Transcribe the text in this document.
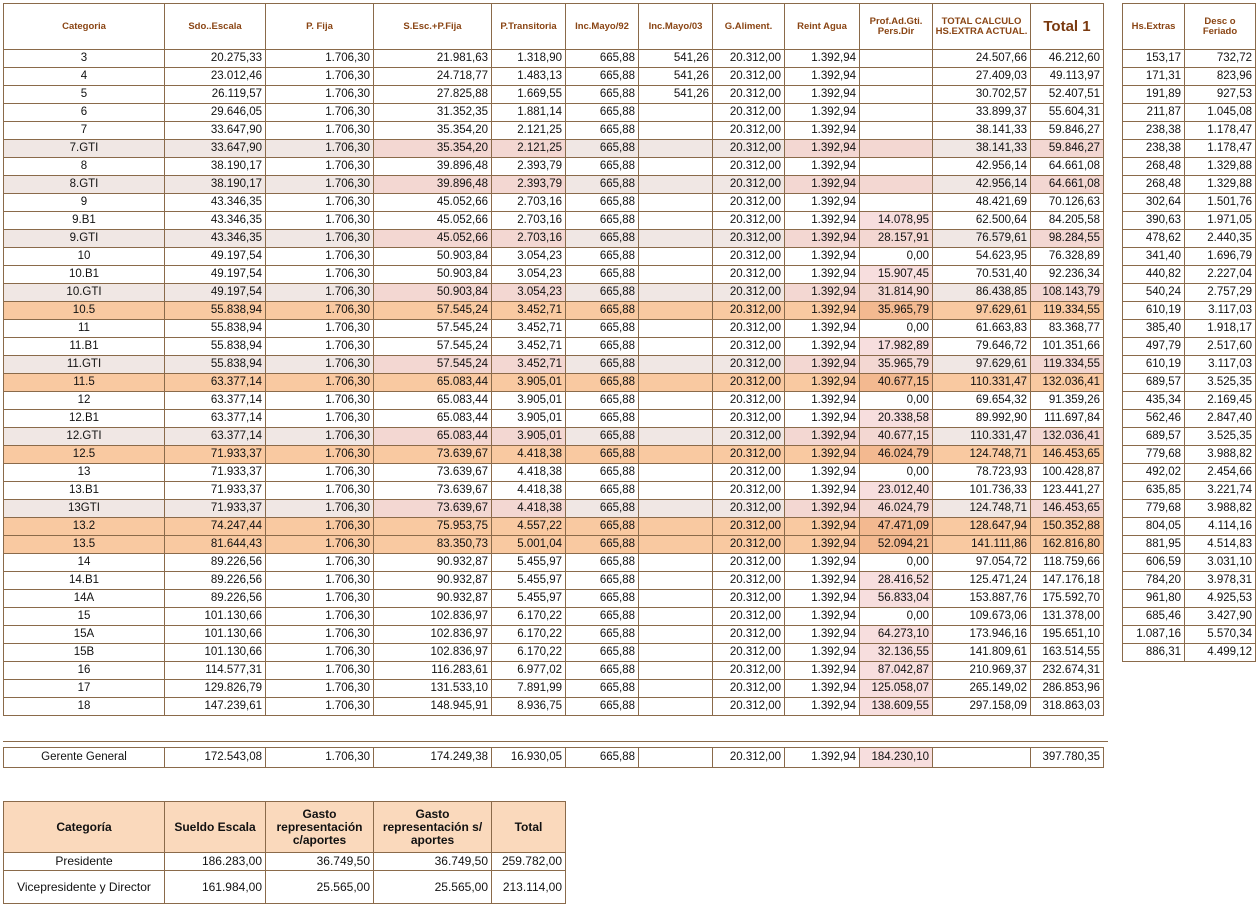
Categoria	Sdo..Escala	P. Fija	S.Esc.+P.Fija	P.Transitoria	Inc.Mayo/92	Inc.Mayo/03	G.Aliment.	Reint Agua	Prof.Ad.Gti. Pers.Dir	TOTAL CALCULO HS.EXTRA ACTUAL.	Total 1
3	20.275,33	1.706,30	21.981,63	1.318,90	665,88	541,26	20.312,00	1.392,94		24.507,66	46.212,60
4	23.012,46	1.706,30	24.718,77	1.483,13	665,88	541,26	20.312,00	1.392,94		27.409,03	49.113,97
5	26.119,57	1.706,30	27.825,88	1.669,55	665,88	541,26	20.312,00	1.392,94		30.702,57	52.407,51
6	29.646,05	1.706,30	31.352,35	1.881,14	665,88		20.312,00	1.392,94		33.899,37	55.604,31
7	33.647,90	1.706,30	35.354,20	2.121,25	665,88		20.312,00	1.392,94		38.141,33	59.846,27
7.GTI	33.647,90	1.706,30	35.354,20	2.121,25	665,88		20.312,00	1.392,94		38.141,33	59.846,27
8	38.190,17	1.706,30	39.896,48	2.393,79	665,88		20.312,00	1.392,94		42.956,14	64.661,08
8.GTI	38.190,17	1.706,30	39.896,48	2.393,79	665,88		20.312,00	1.392,94		42.956,14	64.661,08
9	43.346,35	1.706,30	45.052,66	2.703,16	665,88		20.312,00	1.392,94		48.421,69	70.126,63
9.B1	43.346,35	1.706,30	45.052,66	2.703,16	665,88		20.312,00	1.392,94	14.078,95	62.500,64	84.205,58
9.GTI	43.346,35	1.706,30	45.052,66	2.703,16	665,88		20.312,00	1.392,94	28.157,91	76.579,61	98.284,55
10	49.197,54	1.706,30	50.903,84	3.054,23	665,88		20.312,00	1.392,94	0,00	54.623,95	76.328,89
10.B1	49.197,54	1.706,30	50.903,84	3.054,23	665,88		20.312,00	1.392,94	15.907,45	70.531,40	92.236,34
10.GTI	49.197,54	1.706,30	50.903,84	3.054,23	665,88		20.312,00	1.392,94	31.814,90	86.438,85	108.143,79
10.5	55.838,94	1.706,30	57.545,24	3.452,71	665,88		20.312,00	1.392,94	35.965,79	97.629,61	119.334,55
11	55.838,94	1.706,30	57.545,24	3.452,71	665,88		20.312,00	1.392,94	0,00	61.663,83	83.368,77
11.B1	55.838,94	1.706,30	57.545,24	3.452,71	665,88		20.312,00	1.392,94	17.982,89	79.646,72	101.351,66
11.GTI	55.838,94	1.706,30	57.545,24	3.452,71	665,88		20.312,00	1.392,94	35.965,79	97.629,61	119.334,55
11.5	63.377,14	1.706,30	65.083,44	3.905,01	665,88		20.312,00	1.392,94	40.677,15	110.331,47	132.036,41
12	63.377,14	1.706,30	65.083,44	3.905,01	665,88		20.312,00	1.392,94	0,00	69.654,32	91.359,26
12.B1	63.377,14	1.706,30	65.083,44	3.905,01	665,88		20.312,00	1.392,94	20.338,58	89.992,90	111.697,84
12.GTI	63.377,14	1.706,30	65.083,44	3.905,01	665,88		20.312,00	1.392,94	40.677,15	110.331,47	132.036,41
12.5	71.933,37	1.706,30	73.639,67	4.418,38	665,88		20.312,00	1.392,94	46.024,79	124.748,71	146.453,65
13	71.933,37	1.706,30	73.639,67	4.418,38	665,88		20.312,00	1.392,94	0,00	78.723,93	100.428,87
13.B1	71.933,37	1.706,30	73.639,67	4.418,38	665,88		20.312,00	1.392,94	23.012,40	101.736,33	123.441,27
13GTI	71.933,37	1.706,30	73.639,67	4.418,38	665,88		20.312,00	1.392,94	46.024,79	124.748,71	146.453,65
13.2	74.247,44	1.706,30	75.953,75	4.557,22	665,88		20.312,00	1.392,94	47.471,09	128.647,94	150.352,88
13.5	81.644,43	1.706,30	83.350,73	5.001,04	665,88		20.312,00	1.392,94	52.094,21	141.111,86	162.816,80
14	89.226,56	1.706,30	90.932,87	5.455,97	665,88		20.312,00	1.392,94	0,00	97.054,72	118.759,66
14.B1	89.226,56	1.706,30	90.932,87	5.455,97	665,88		20.312,00	1.392,94	28.416,52	125.471,24	147.176,18
14A	89.226,56	1.706,30	90.932,87	5.455,97	665,88		20.312,00	1.392,94	56.833,04	153.887,76	175.592,70
15	101.130,66	1.706,30	102.836,97	6.170,22	665,88		20.312,00	1.392,94	0,00	109.673,06	131.378,00
15A	101.130,66	1.706,30	102.836,97	6.170,22	665,88		20.312,00	1.392,94	64.273,10	173.946,16	195.651,10
15B	101.130,66	1.706,30	102.836,97	6.170,22	665,88		20.312,00	1.392,94	32.136,55	141.809,61	163.514,55
16	114.577,31	1.706,30	116.283,61	6.977,02	665,88		20.312,00	1.392,94	87.042,87	210.969,37	232.674,31
17	129.826,79	1.706,30	131.533,10	7.891,99	665,88		20.312,00	1.392,94	125.058,07	265.149,02	286.853,96
18	147.239,61	1.706,30	148.945,91	8.936,75	665,88		20.312,00	1.392,94	138.609,55	297.158,09	318.863,03
Hs.Extras	Desc o Feriado
153,17	732,72
171,31	823,96
191,89	927,53
211,87	1.045,08
238,38	1.178,47
238,38	1.178,47
268,48	1.329,88
268,48	1.329,88
302,64	1.501,76
390,63	1.971,05
478,62	2.440,35
341,40	1.696,79
440,82	2.227,04
540,24	2.757,29
610,19	3.117,03
385,40	1.918,17
497,79	2.517,60
610,19	3.117,03
689,57	3.525,35
435,34	2.169,45
562,46	2.847,40
689,57	3.525,35
779,68	3.988,82
492,02	2.454,66
635,85	3.221,74
779,68	3.988,82
804,05	4.114,16
881,95	4.514,83
606,59	3.031,10
784,20	3.978,31
961,80	4.925,53
685,46	3.427,90
1.087,16	5.570,34
886,31	4.499,12
Gerente General	172.543,08	1.706,30	174.249,38	16.930,05	665,88		20.312,00	1.392,94	184.230,10		397.780,35
Categoría	Sueldo Escala	Gasto representación c/aportes	Gasto representación s/ aportes	Total
Presidente	186.283,00	36.749,50	36.749,50	259.782,00
Vicepresidente y Director	161.984,00	25.565,00	25.565,00	213.114,00
